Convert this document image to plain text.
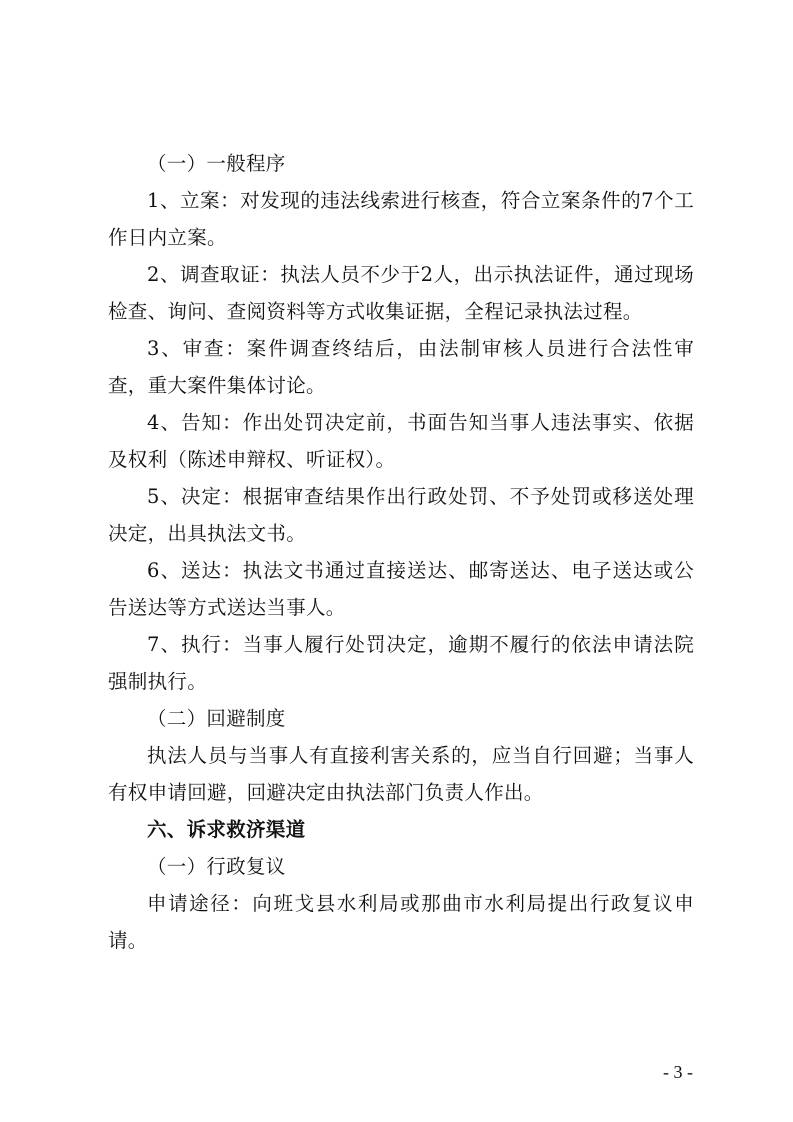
（一）一般程序

1、立案：对发现的违法线索进行核查，符合立案条件的7个工作日内立案。

2、调查取证：执法人员不少于2人，出示执法证件，通过现场检查、询问、查阅资料等方式收集证据，全程记录执法过程。

3、审查：案件调查终结后，由法制审核人员进行合法性审查，重大案件集体讨论。

4、告知：作出处罚决定前，书面告知当事人违法事实、依据及权利（陈述申辩权、听证权）。

5、决定：根据审查结果作出行政处罚、不予处罚或移送处理决定，出具执法文书。

6、送达：执法文书通过直接送达、邮寄送达、电子送达或公告送达等方式送达当事人。

7、执行：当事人履行处罚决定，逾期不履行的依法申请法院强制执行。

（二）回避制度

执法人员与当事人有直接利害关系的，应当自行回避；当事人有权申请回避，回避决定由执法部门负责人作出。

六、诉求救济渠道

（一）行政复议

申请途径：向班戈县水利局或那曲市水利局提出行政复议申请。

- 3 -
